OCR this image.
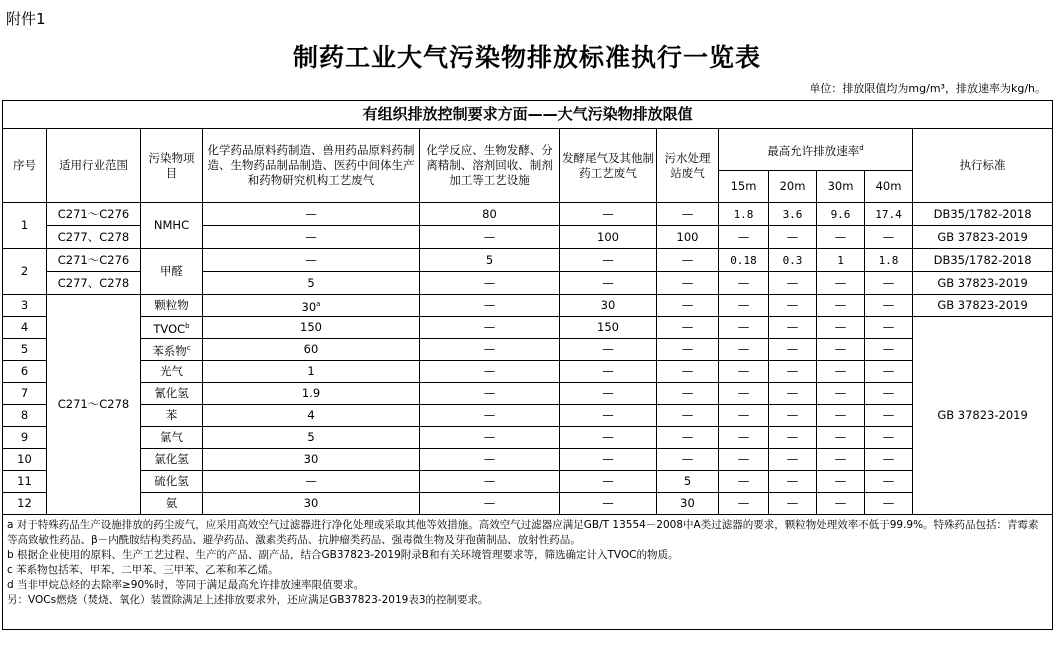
附件1
制药工业大气污染物排放标准执行一览表
单位：排放限值均为mg/m³，排放速率为kg/h。
有组织排放控制要求方面——大气污染物排放限值											
序号	适用行业范围	污染物项目	化学药品原料药制造、兽用药品原料药制造、生物药品制品制造、医药中间体生产和药物研究机构工艺废气	化学反应、生物发酵、分离精制、溶剂回收、制剂加工等工艺设施	发酵尾气及其他制药工艺废气	污水处理站废气	最高允许排放速率$^d$				执行标准
							15m	20m	30m	40m	
1	C271～C276	NMHC	—	80	—	—	1.8	3.6	9.6	17.4	DB35/1782-2018
	C277、C278		—	—	100	100	—	—	—	—	GB 37823-2019
2	C271～C276	甲醛	—	5	—	—	0.18	0.3	1	1.8	DB35/1782-2018
	C277、C278		5	—	—	—	—	—	—	—	GB 37823-2019
3	C271～C278	颗粒物	30$^a$	—	30	—	—	—	—	—	GB 37823-2019
4		TVOC$^b$	150	—	150	—	—	—	—	—	GB 37823-2019
5		苯系物$^c$	60	—	—	—	—	—	—	—	
6		光气	1	—	—	—	—	—	—	—	
7		氰化氢	1.9	—	—	—	—	—	—	—	
8		苯	4	—	—	—	—	—	—	—	
9		氯气	5	—	—	—	—	—	—	—	
10		氯化氢	30	—	—	—	—	—	—	—	
11		硫化氢	—	—	—	5	—	—	—	—	
12		氨	30	—	—	30	—	—	—	—	

a 对于特殊药品生产设施排放的药尘废气，应采用高效空气过滤器进行净化处理或采取其他等效措施。高效空气过滤器应满足GB/T 13554－2008中A类过滤器的要求，颗粒物处理效率不低于99.9%。特殊药品包括：青霉素等高致敏性药品、β－内酰胺结构类药品、避孕药品、激素类药品、抗肿瘤类药品、强毒微生物及芽孢菌制品、放射性药品。
b 根据企业使用的原料、生产工艺过程、生产的产品、副产品，结合GB37823-2019附录B和有关环境管理要求等，筛选确定计入TVOC的物质。
c 苯系物包括苯、甲苯、二甲苯、三甲苯、乙苯和苯乙烯。
d 当非甲烷总烃的去除率≥90%时，等同于满足最高允许排放速率限值要求。
另：VOCs燃烧（焚烧、氧化）装置除满足上述排放要求外，还应满足GB37823-2019表3的控制要求。											
